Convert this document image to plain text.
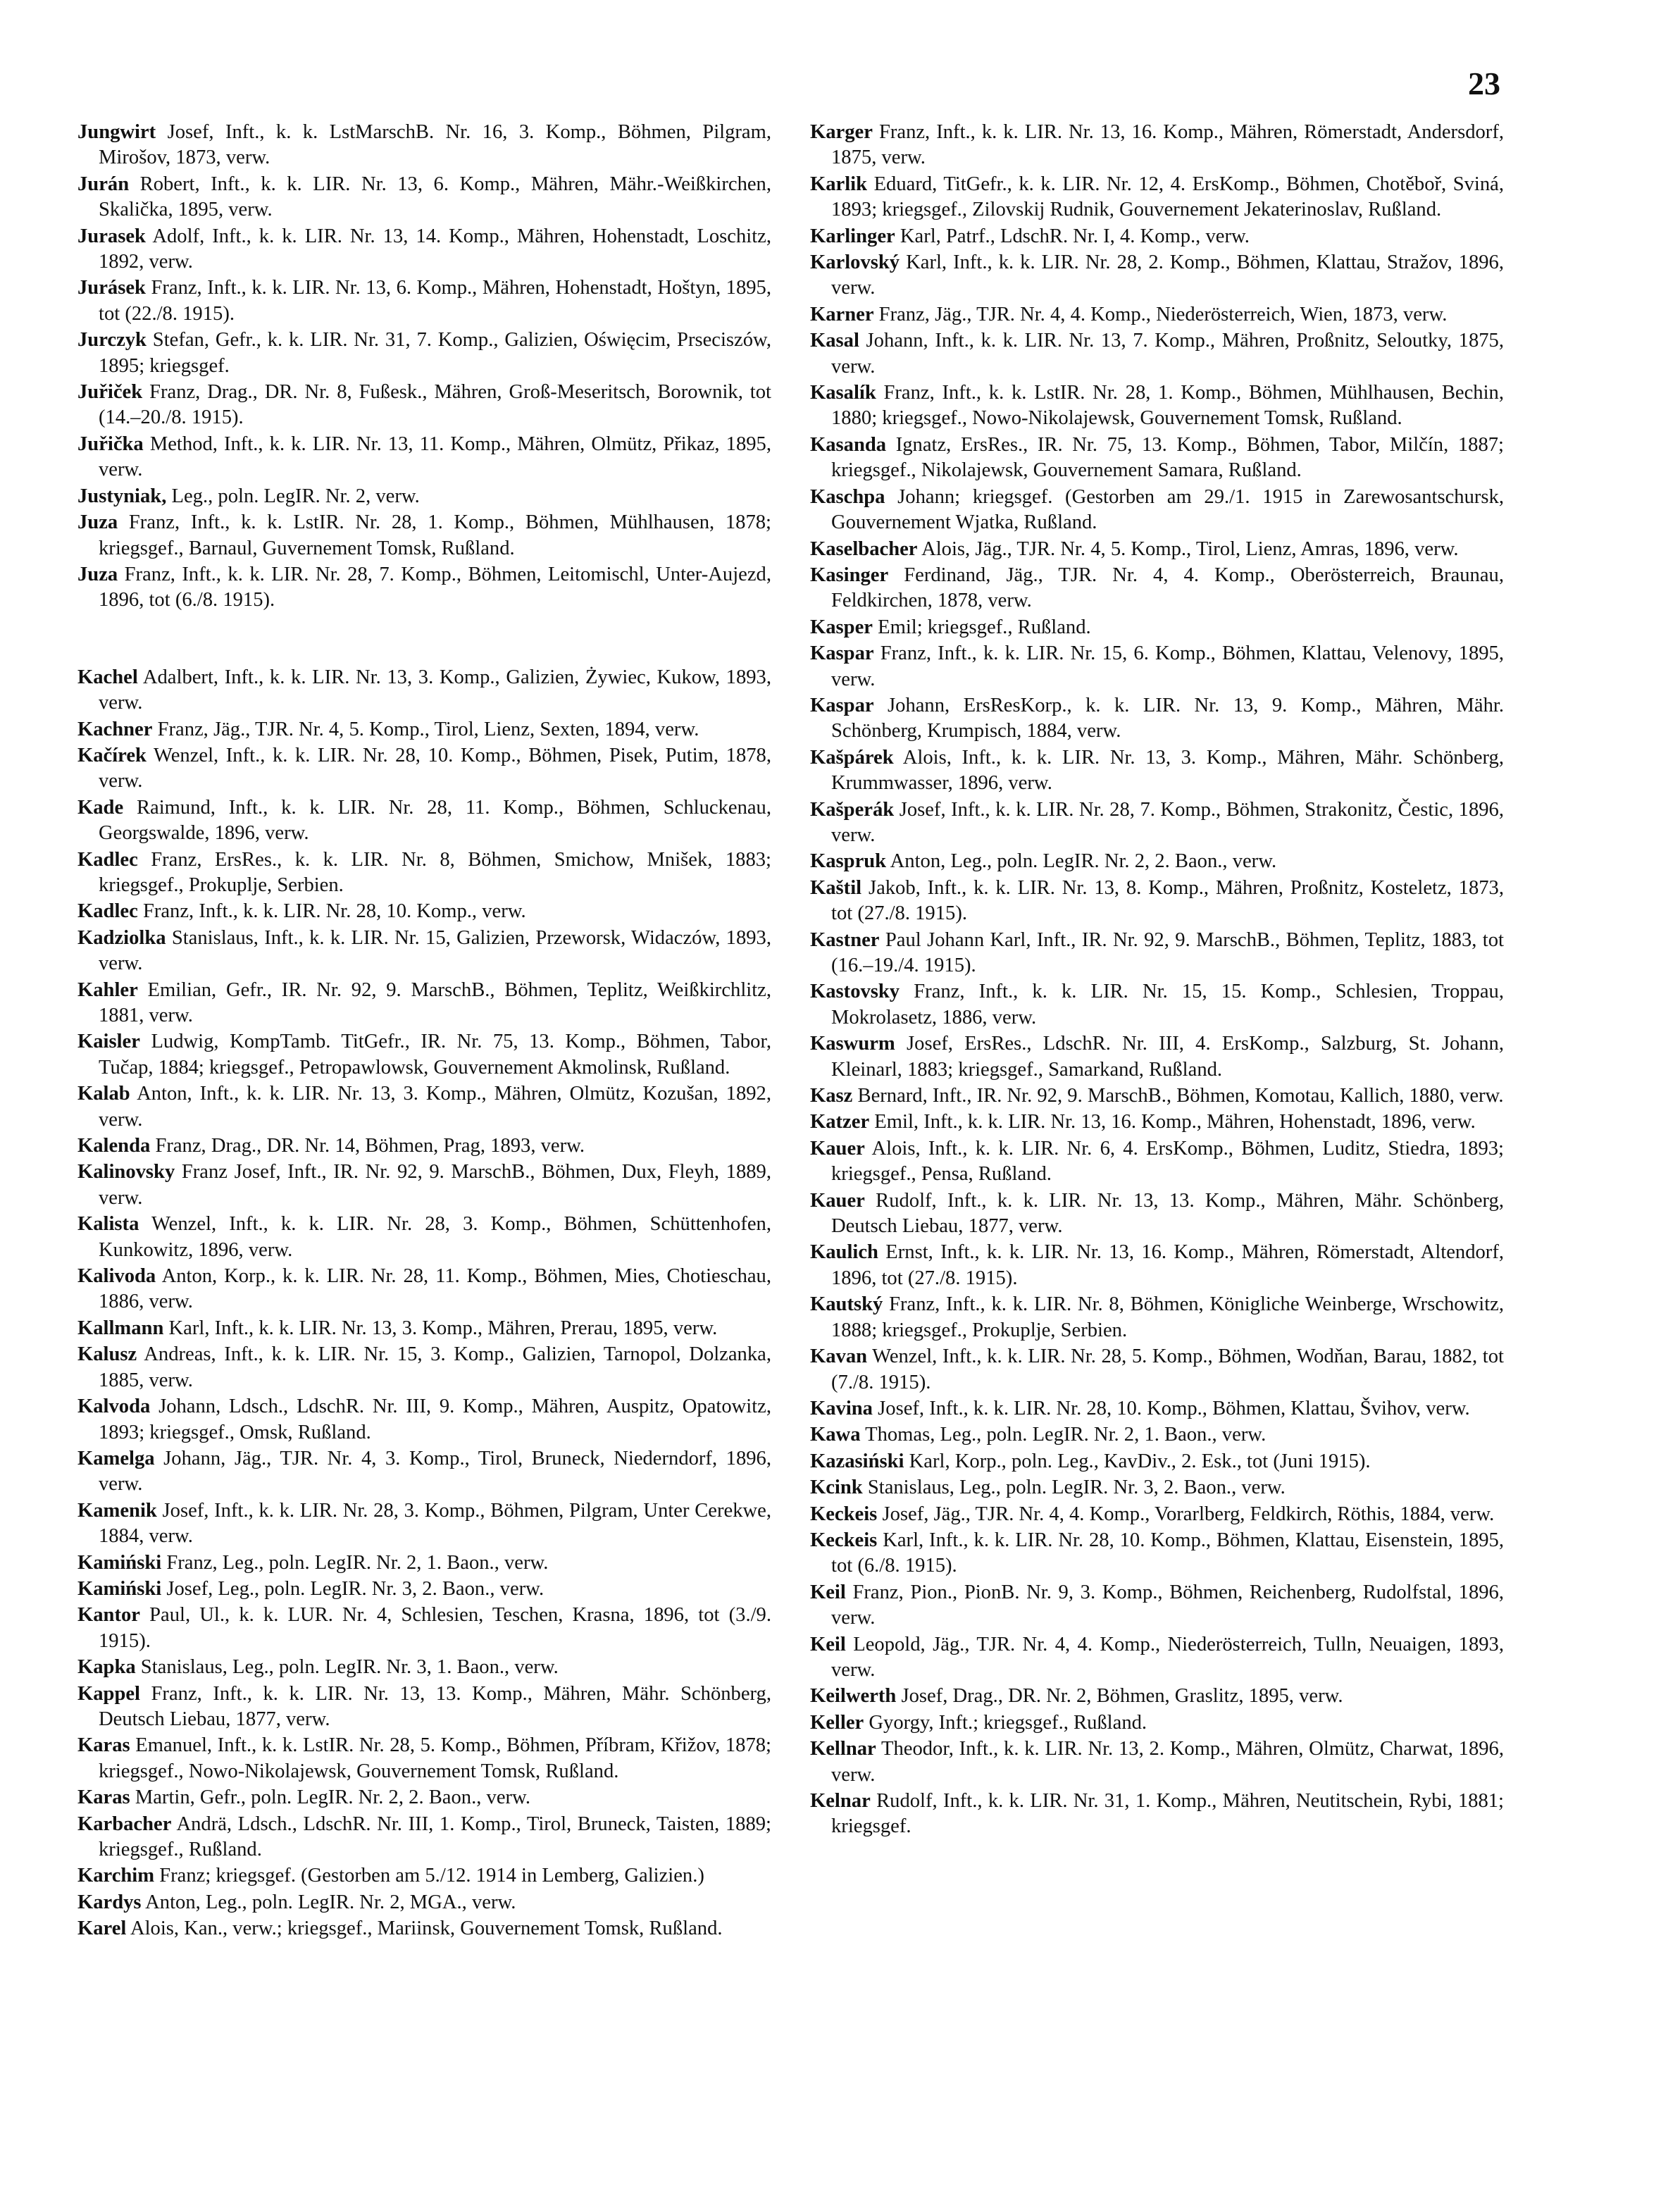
23

Jungwirt Josef, Inft., k. k. LstMarschB. Nr. 16, 3. Komp., Böhmen, Pilgram, Mirošov, 1873, verw.

Jurán Robert, Inft., k. k. LIR. Nr. 13, 6. Komp., Mähren, Mähr.-Weißkirchen, Skalička, 1895, verw.

Jurasek Adolf, Inft., k. k. LIR. Nr. 13, 14. Komp., Mähren, Hohenstadt, Loschitz, 1892, verw.

Jurásek Franz, Inft., k. k. LIR. Nr. 13, 6. Komp., Mähren, Hohenstadt, Hoštyn, 1895, tot (22./8. 1915).

Jurczyk Stefan, Gefr., k. k. LIR. Nr. 31, 7. Komp., Galizien, Oświęcim, Prseciszów, 1895; kriegsgef.

Juřiček Franz, Drag., DR. Nr. 8, Fußesk., Mähren, Groß-Meseritsch, Borownik, tot (14.–20./8. 1915).

Juřička Method, Inft., k. k. LIR. Nr. 13, 11. Komp., Mähren, Olmütz, Přikaz, 1895, verw.

Justyniak, Leg., poln. LegIR. Nr. 2, verw.

Juza Franz, Inft., k. k. LstIR. Nr. 28, 1. Komp., Böhmen, Mühlhausen, 1878; kriegsgef., Barnaul, Guvernement Tomsk, Rußland.

Juza Franz, Inft., k. k. LIR. Nr. 28, 7. Komp., Böhmen, Leitomischl, Unter-Aujezd, 1896, tot (6./8. 1915).

Kachel Adalbert, Inft., k. k. LIR. Nr. 13, 3. Komp., Galizien, Żywiec, Kukow, 1893, verw.

Kachner Franz, Jäg., TJR. Nr. 4, 5. Komp., Tirol, Lienz, Sexten, 1894, verw.

Kačírek Wenzel, Inft., k. k. LIR. Nr. 28, 10. Komp., Böhmen, Pisek, Putim, 1878, verw.

Kade Raimund, Inft., k. k. LIR. Nr. 28, 11. Komp., Böhmen, Schluckenau, Georgswalde, 1896, verw.

Kadlec Franz, ErsRes., k. k. LIR. Nr. 8, Böhmen, Smichow, Mnišek, 1883; kriegsgef., Prokuplje, Serbien.

Kadlec Franz, Inft., k. k. LIR. Nr. 28, 10. Komp., verw.

Kadziolka Stanislaus, Inft., k. k. LIR. Nr. 15, Galizien, Przeworsk, Widaczów, 1893, verw.

Kahler Emilian, Gefr., IR. Nr. 92, 9. MarschB., Böhmen, Teplitz, Weißkirchlitz, 1881, verw.

Kaisler Ludwig, KompTamb. TitGefr., IR. Nr. 75, 13. Komp., Böhmen, Tabor, Tučap, 1884; kriegsgef., Petropawlowsk, Gouvernement Akmolinsk, Rußland.

Kalab Anton, Inft., k. k. LIR. Nr. 13, 3. Komp., Mähren, Olmütz, Kozušan, 1892, verw.

Kalenda Franz, Drag., DR. Nr. 14, Böhmen, Prag, 1893, verw.

Kalinovsky Franz Josef, Inft., IR. Nr. 92, 9. MarschB., Böhmen, Dux, Fleyh, 1889, verw.

Kalista Wenzel, Inft., k. k. LIR. Nr. 28, 3. Komp., Böhmen, Schüttenhofen, Kunkowitz, 1896, verw.

Kalivoda Anton, Korp., k. k. LIR. Nr. 28, 11. Komp., Böhmen, Mies, Chotieschau, 1886, verw.

Kallmann Karl, Inft., k. k. LIR. Nr. 13, 3. Komp., Mähren, Prerau, 1895, verw.

Kalusz Andreas, Inft., k. k. LIR. Nr. 15, 3. Komp., Galizien, Tarnopol, Dolzanka, 1885, verw.

Kalvoda Johann, Ldsch., LdschR. Nr. III, 9. Komp., Mähren, Auspitz, Opatowitz, 1893; kriegsgef., Omsk, Rußland.

Kamelga Johann, Jäg., TJR. Nr. 4, 3. Komp., Tirol, Bruneck, Niederndorf, 1896, verw.

Kamenik Josef, Inft., k. k. LIR. Nr. 28, 3. Komp., Böhmen, Pilgram, Unter Cerekwe, 1884, verw.

Kamiński Franz, Leg., poln. LegIR. Nr. 2, 1. Baon., verw.

Kamiński Josef, Leg., poln. LegIR. Nr. 3, 2. Baon., verw.

Kantor Paul, Ul., k. k. LUR. Nr. 4, Schlesien, Teschen, Krasna, 1896, tot (3./9. 1915).

Kapka Stanislaus, Leg., poln. LegIR. Nr. 3, 1. Baon., verw.

Kappel Franz, Inft., k. k. LIR. Nr. 13, 13. Komp., Mähren, Mähr. Schönberg, Deutsch Liebau, 1877, verw.

Karas Emanuel, Inft., k. k. LstIR. Nr. 28, 5. Komp., Böhmen, Příbram, Křižov, 1878; kriegsgef., Nowo-Nikolajewsk, Gouvernement Tomsk, Rußland.

Karas Martin, Gefr., poln. LegIR. Nr. 2, 2. Baon., verw.

Karbacher Andrä, Ldsch., LdschR. Nr. III, 1. Komp., Tirol, Bruneck, Taisten, 1889; kriegsgef., Rußland.

Karchim Franz; kriegsgef. (Gestorben am 5./12. 1914 in Lemberg, Galizien.)

Kardys Anton, Leg., poln. LegIR. Nr. 2, MGA., verw.

Karel Alois, Kan., verw.; kriegsgef., Mariinsk, Gouvernement Tomsk, Rußland.

Karger Franz, Inft., k. k. LIR. Nr. 13, 16. Komp., Mähren, Römerstadt, Andersdorf, 1875, verw.

Karlik Eduard, TitGefr., k. k. LIR. Nr. 12, 4. ErsKomp., Böhmen, Chotěboř, Sviná, 1893; kriegsgef., Zilovskij Rudnik, Gouvernement Jekaterinoslav, Rußland.

Karlinger Karl, Patrf., LdschR. Nr. I, 4. Komp., verw.

Karlovský Karl, Inft., k. k. LIR. Nr. 28, 2. Komp., Böhmen, Klattau, Stražov, 1896, verw.

Karner Franz, Jäg., TJR. Nr. 4, 4. Komp., Niederösterreich, Wien, 1873, verw.

Kasal Johann, Inft., k. k. LIR. Nr. 13, 7. Komp., Mähren, Proßnitz, Seloutky, 1875, verw.

Kasalík Franz, Inft., k. k. LstIR. Nr. 28, 1. Komp., Böhmen, Mühlhausen, Bechin, 1880; kriegsgef., Nowo-Nikolajewsk, Gouvernement Tomsk, Rußland.

Kasanda Ignatz, ErsRes., IR. Nr. 75, 13. Komp., Böhmen, Tabor, Milčín, 1887; kriegsgef., Nikolajewsk, Gouvernement Samara, Rußland.

Kaschpa Johann; kriegsgef. (Gestorben am 29./1. 1915 in Zarewosantschursk, Gouvernement Wjatka, Rußland.

Kaselbacher Alois, Jäg., TJR. Nr. 4, 5. Komp., Tirol, Lienz, Amras, 1896, verw.

Kasinger Ferdinand, Jäg., TJR. Nr. 4, 4. Komp., Oberösterreich, Braunau, Feldkirchen, 1878, verw.

Kasper Emil; kriegsgef., Rußland.

Kaspar Franz, Inft., k. k. LIR. Nr. 15, 6. Komp., Böhmen, Klattau, Velenovy, 1895, verw.

Kaspar Johann, ErsResKorp., k. k. LIR. Nr. 13, 9. Komp., Mähren, Mähr. Schönberg, Krumpisch, 1884, verw.

Kašpárek Alois, Inft., k. k. LIR. Nr. 13, 3. Komp., Mähren, Mähr. Schönberg, Krummwasser, 1896, verw.

Kašperák Josef, Inft., k. k. LIR. Nr. 28, 7. Komp., Böhmen, Strakonitz, Čestic, 1896, verw.

Kaspruk Anton, Leg., poln. LegIR. Nr. 2, 2. Baon., verw.

Kaštil Jakob, Inft., k. k. LIR. Nr. 13, 8. Komp., Mähren, Proßnitz, Kosteletz, 1873, tot (27./8. 1915).

Kastner Paul Johann Karl, Inft., IR. Nr. 92, 9. MarschB., Böhmen, Teplitz, 1883, tot (16.–19./4. 1915).

Kastovsky Franz, Inft., k. k. LIR. Nr. 15, 15. Komp., Schlesien, Troppau, Mokrolasetz, 1886, verw.

Kaswurm Josef, ErsRes., LdschR. Nr. III, 4. ErsKomp., Salzburg, St. Johann, Kleinarl, 1883; kriegsgef., Samarkand, Rußland.

Kasz Bernard, Inft., IR. Nr. 92, 9. MarschB., Böhmen, Komotau, Kallich, 1880, verw.

Katzer Emil, Inft., k. k. LIR. Nr. 13, 16. Komp., Mähren, Hohenstadt, 1896, verw.

Kauer Alois, Inft., k. k. LIR. Nr. 6, 4. ErsKomp., Böhmen, Luditz, Stiedra, 1893; kriegsgef., Pensa, Rußland.

Kauer Rudolf, Inft., k. k. LIR. Nr. 13, 13. Komp., Mähren, Mähr. Schönberg, Deutsch Liebau, 1877, verw.

Kaulich Ernst, Inft., k. k. LIR. Nr. 13, 16. Komp., Mähren, Römerstadt, Altendorf, 1896, tot (27./8. 1915).

Kautský Franz, Inft., k. k. LIR. Nr. 8, Böhmen, Königliche Weinberge, Wrschowitz, 1888; kriegsgef., Prokuplje, Serbien.

Kavan Wenzel, Inft., k. k. LIR. Nr. 28, 5. Komp., Böhmen, Wodňan, Barau, 1882, tot (7./8. 1915).

Kavina Josef, Inft., k. k. LIR. Nr. 28, 10. Komp., Böhmen, Klattau, Švihov, verw.

Kawa Thomas, Leg., poln. LegIR. Nr. 2, 1. Baon., verw.

Kazasiński Karl, Korp., poln. Leg., KavDiv., 2. Esk., tot (Juni 1915).

Kcink Stanislaus, Leg., poln. LegIR. Nr. 3, 2. Baon., verw.

Keckeis Josef, Jäg., TJR. Nr. 4, 4. Komp., Vorarlberg, Feldkirch, Röthis, 1884, verw.

Keckeis Karl, Inft., k. k. LIR. Nr. 28, 10. Komp., Böhmen, Klattau, Eisenstein, 1895, tot (6./8. 1915).

Keil Franz, Pion., PionB. Nr. 9, 3. Komp., Böhmen, Reichenberg, Rudolfstal, 1896, verw.

Keil Leopold, Jäg., TJR. Nr. 4, 4. Komp., Niederösterreich, Tulln, Neuaigen, 1893, verw.

Keilwerth Josef, Drag., DR. Nr. 2, Böhmen, Graslitz, 1895, verw.

Keller Gyorgy, Inft.; kriegsgef., Rußland.

Kellnar Theodor, Inft., k. k. LIR. Nr. 13, 2. Komp., Mähren, Olmütz, Charwat, 1896, verw.

Kelnar Rudolf, Inft., k. k. LIR. Nr. 31, 1. Komp., Mähren, Neutitschein, Rybi, 1881; kriegsgef.
